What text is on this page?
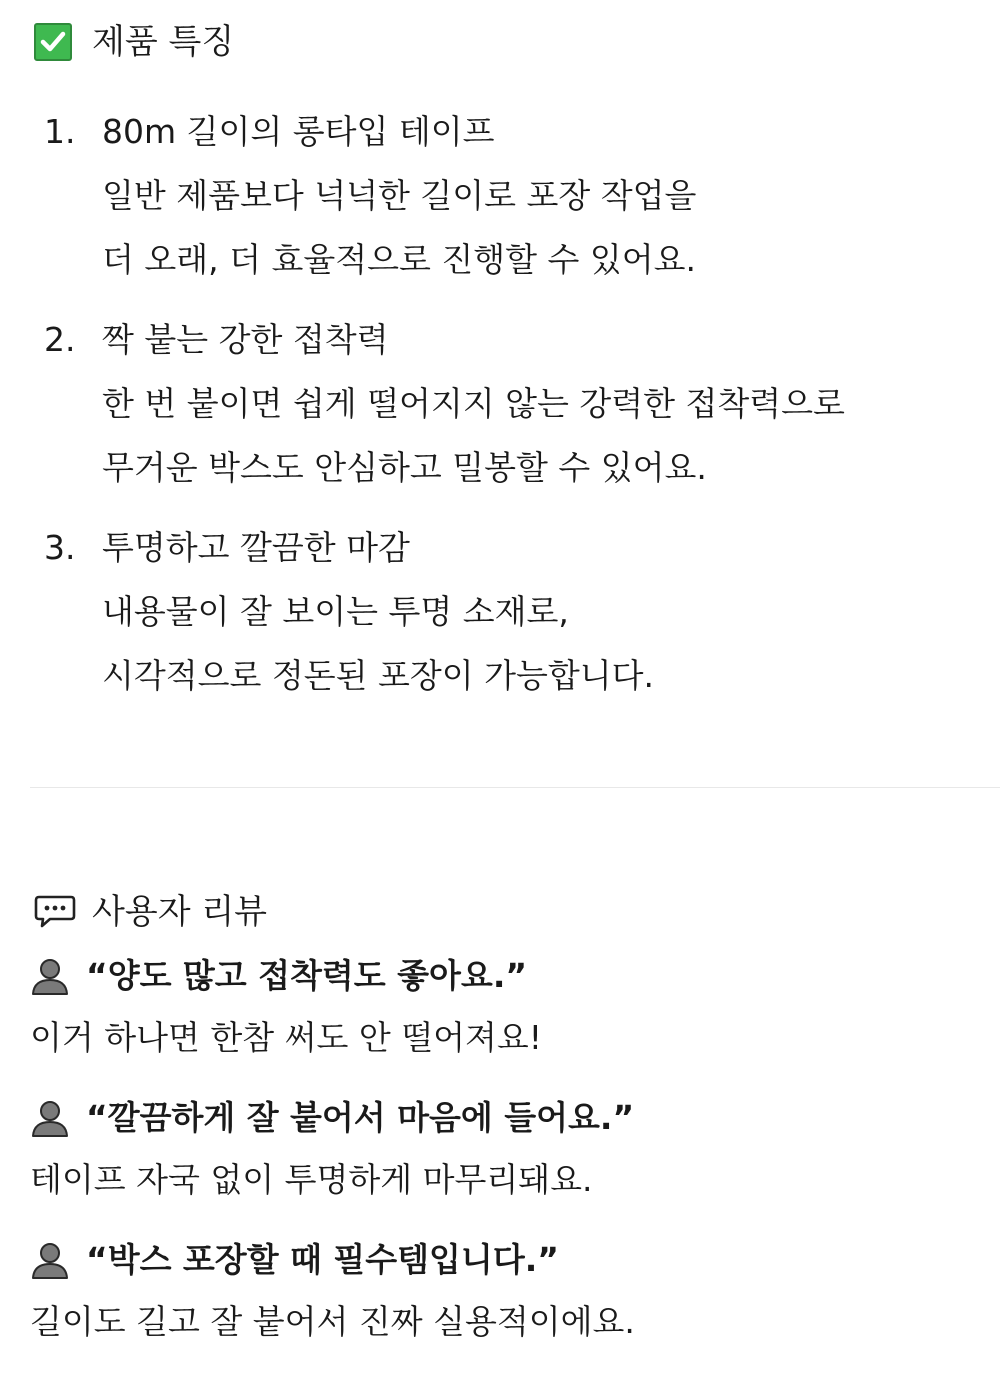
제품 특징
1. 80m 길이의 롱타입 테이프
일반 제품보다 넉넉한 길이로 포장 작업을
더 오래, 더 효율적으로 진행할 수 있어요.
2. 짝 붙는 강한 접착력
한 번 붙이면 쉽게 떨어지지 않는 강력한 접착력으로
무거운 박스도 안심하고 밀봉할 수 있어요.
3. 투명하고 깔끔한 마감
내용물이 잘 보이는 투명 소재로,
시각적으로 정돈된 포장이 가능합니다.
사용자 리뷰
“양도 많고 접착력도 좋아요.”
이거 하나면 한참 써도 안 떨어져요!
“깔끔하게 잘 붙어서 마음에 들어요.”
테이프 자국 없이 투명하게 마무리돼요.
“박스 포장할 때 필수템입니다.”
길이도 길고 잘 붙어서 진짜 실용적이에요.
